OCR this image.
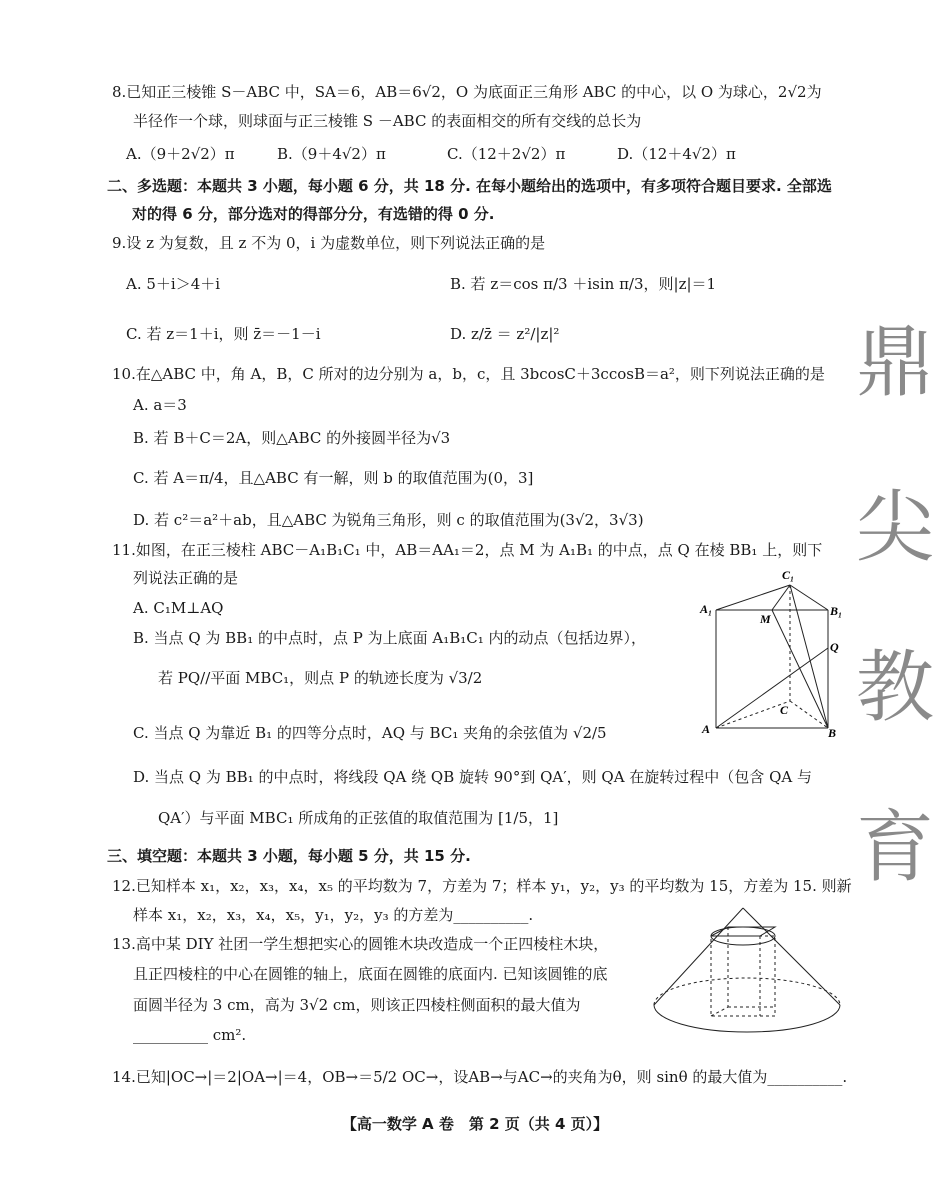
8.已知正三棱锥 S－ABC 中，SA＝6，AB＝6√2，O 为底面正三角形 ABC 的中心，以 O 为球心，2√2为
半径作一个球，则球面与正三棱锥 S －ABC 的表面相交的所有交线的总长为
A.（9＋2√2）π	B.（9＋4√2）π	C.（12＋2√2）π	D.（12＋4√2）π
二、多选题：本题共 3 小题，每小题 6 分，共 18 分. 在每小题给出的选项中，有多项符合题目要求. 全部选
对的得 6 分，部分选对的得部分分，有选错的得 0 分.
9.设 z 为复数，且 z 不为 0，i 为虚数单位，则下列说法正确的是
A. 5＋i＞4＋i	B. 若 z＝cos π/3 ＋isin π/3，则|z|＝1
C. 若 z＝1＋i，则 z̄＝－1－i	D. z/z̄ ＝ z²/|z|²
10.在△ABC 中，角 A，B，C 所对的边分别为 a，b，c，且 3bcosC＋3ccosB＝a²，则下列说法正确的是
A. a＝3
B. 若 B＋C＝2A，则△ABC 的外接圆半径为√3
C. 若 A＝π/4，且△ABC 有一解，则 b 的取值范围为(0，3]
D. 若 c²＝a²＋ab，且△ABC 为锐角三角形，则 c 的取值范围为(3√2，3√3)
11.如图，在正三棱柱 ABC－A₁B₁C₁ 中，AB＝AA₁＝2，点 M 为 A₁B₁ 的中点，点 Q 在棱 BB₁ 上，则下
列说法正确的是
A. C₁M⊥AQ
B. 当点 Q 为 BB₁ 的中点时，点 P 为上底面 A₁B₁C₁ 内的动点（包括边界），
若 PQ//平面 MBC₁，则点 P 的轨迹长度为 √3/2
C. 当点 Q 为靠近 B₁ 的四等分点时，AQ 与 BC₁ 夹角的余弦值为 √2/5
D. 当点 Q 为 BB₁ 的中点时，将线段 QA 绕 QB 旋转 90°到 QA′，则 QA 在旋转过程中（包含 QA 与
QA′）与平面 MBC₁ 所成角的正弦值的取值范围为 [1/5，1]
C₁
A₁	B₁
M
Q
C
A	B
三、填空题：本题共 3 小题，每小题 5 分，共 15 分.
12.已知样本 x₁，x₂，x₃，x₄，x₅ 的平均数为 7，方差为 7；样本 y₁，y₂，y₃ 的平均数为 15，方差为 15. 则新
样本 x₁，x₂，x₃，x₄，x₅，y₁，y₂，y₃ 的方差为__________.
13.高中某 DIY 社团一学生想把实心的圆锥木块改造成一个正四棱柱木块，
且正四棱柱的中心在圆锥的轴上，底面在圆锥的底面内. 已知该圆锥的底
面圆半径为 3 cm，高为 3√2 cm，则该正四棱柱侧面积的最大值为
__________ cm².
14.已知|OC→|＝2|OA→|＝4，OB→＝5/2 OC→，设AB→与AC→的夹角为θ，则 sinθ 的最大值为__________.
鼎
尖
教
育
【高一数学 A 卷　第 2 页（共 4 页）】
